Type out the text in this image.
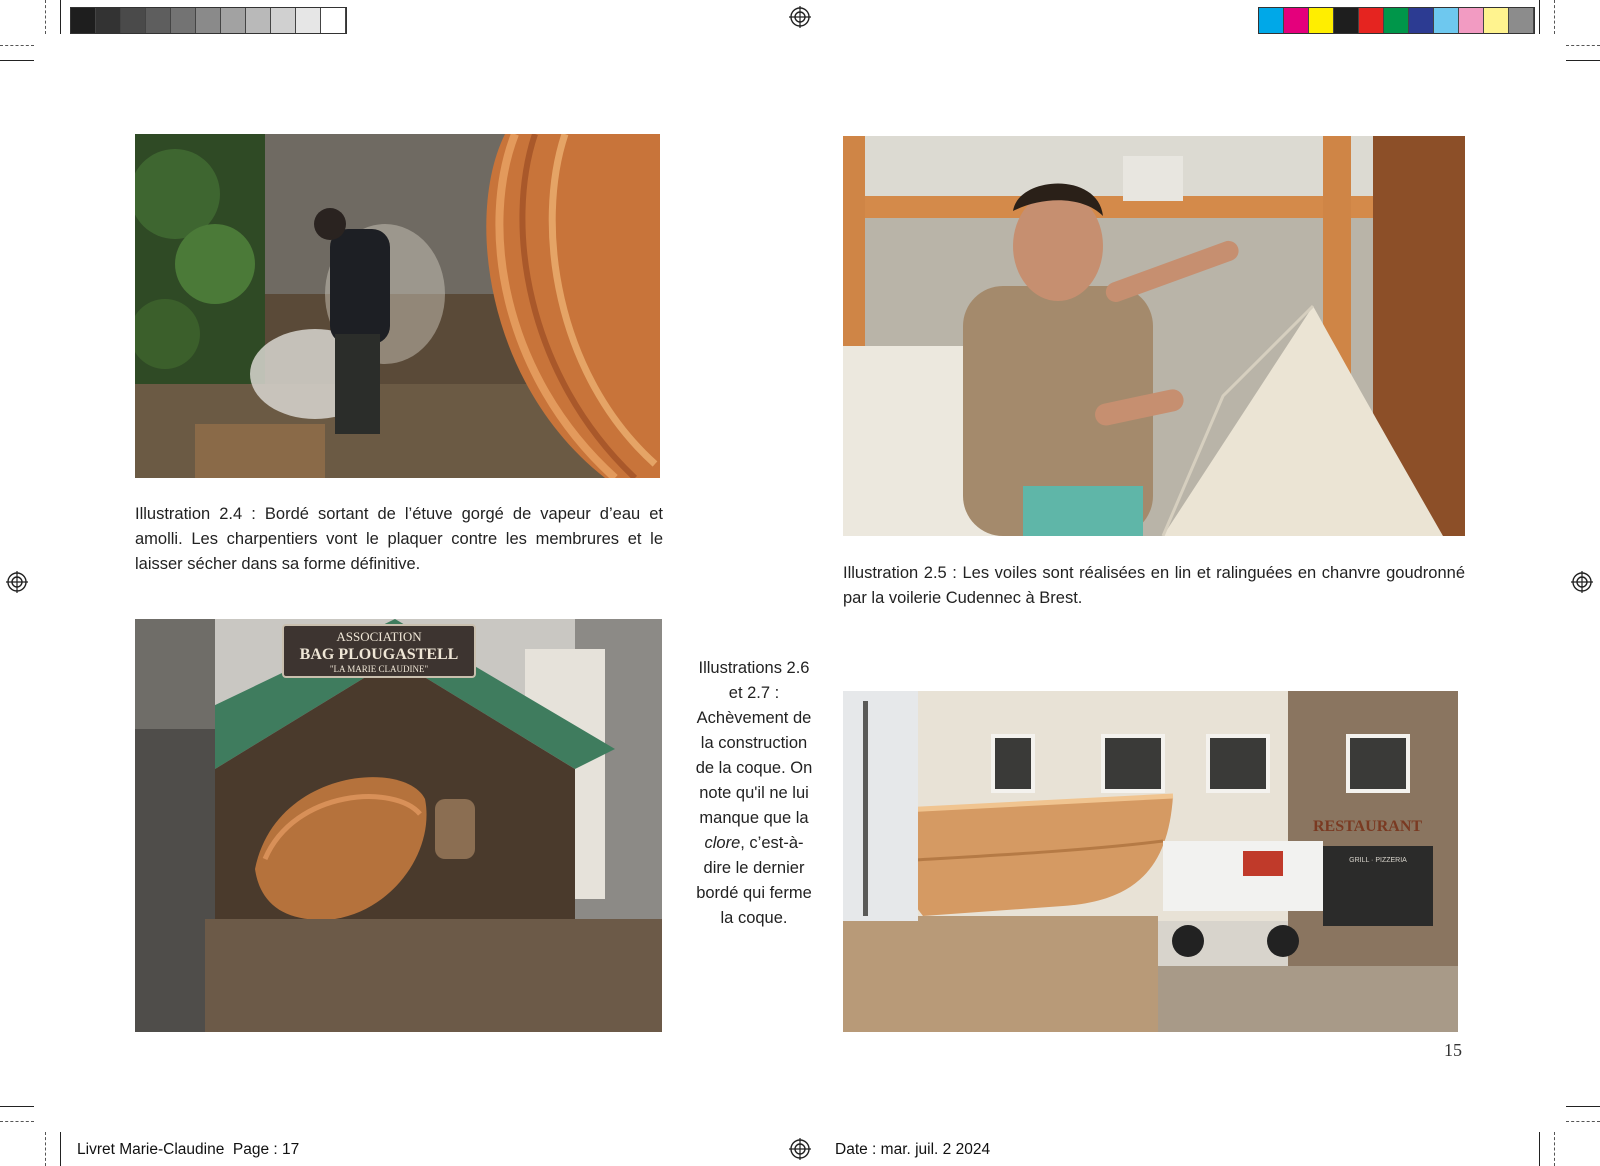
Illustration 2.4 : Bordé sortant de l’étuve gorgé de vapeur d’eau et amolli. Les charpentiers vont le plaquer contre les membrures et le laisser sécher dans sa forme définitive.	Illustration 2.5 : Les voiles sont réalisées en lin et ralinguées en chanvre goudronné par la voilerie Cudennec à Brest.
ASSOCIATION
BAG PLOUGASTELL
"LA MARIE CLAUDINE"	Illustrations 2.6 et 2.7 : Achèvement de la construction de la coque. On note qu'il ne lui manque que la clore, c’est-à-dire le dernier bordé qui ferme la coque.
RESTAURANT
GRILL · PIZZERIA
15
Livret Marie-Claudine  Page : 17	Date : mar. juil. 2 2024
